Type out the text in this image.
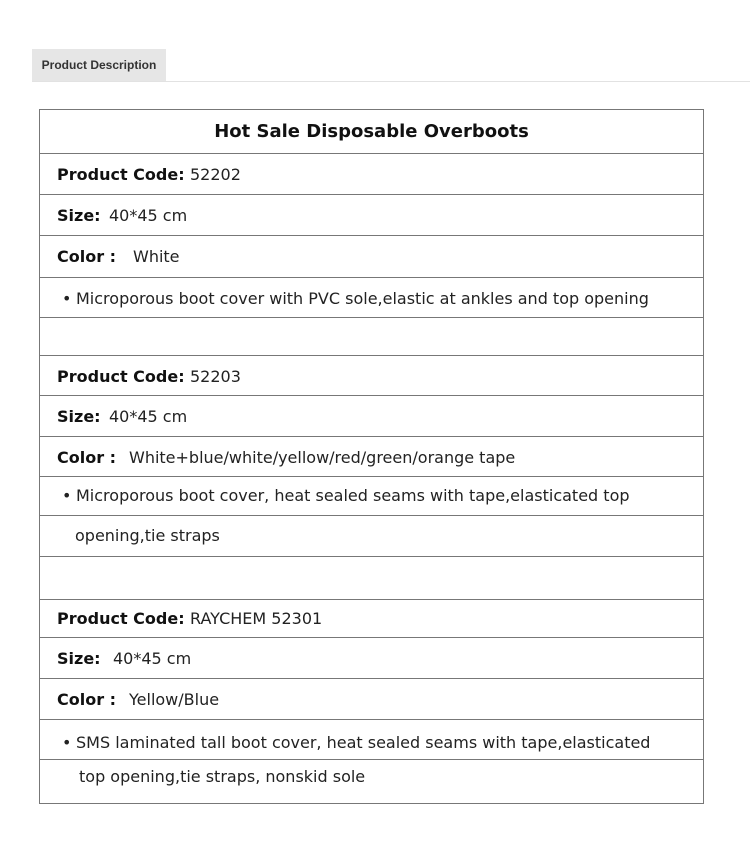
Product Description
Hot Sale Disposable Overboots
Product Code: 52202
Size: 40*45 cm
Color : White
• Microporous boot cover with PVC sole,elastic at ankles and top opening
Product Code: 52203
Size: 40*45 cm
Color : White+blue/white/yellow/red/green/orange tape
• Microporous boot cover, heat sealed seams with tape,elasticated top
opening,tie straps
Product Code: RAYCHEM 52301
Size: 40*45 cm
Color : Yellow/Blue
• SMS laminated tall boot cover, heat sealed seams with tape,elasticated
top opening,tie straps, nonskid sole
